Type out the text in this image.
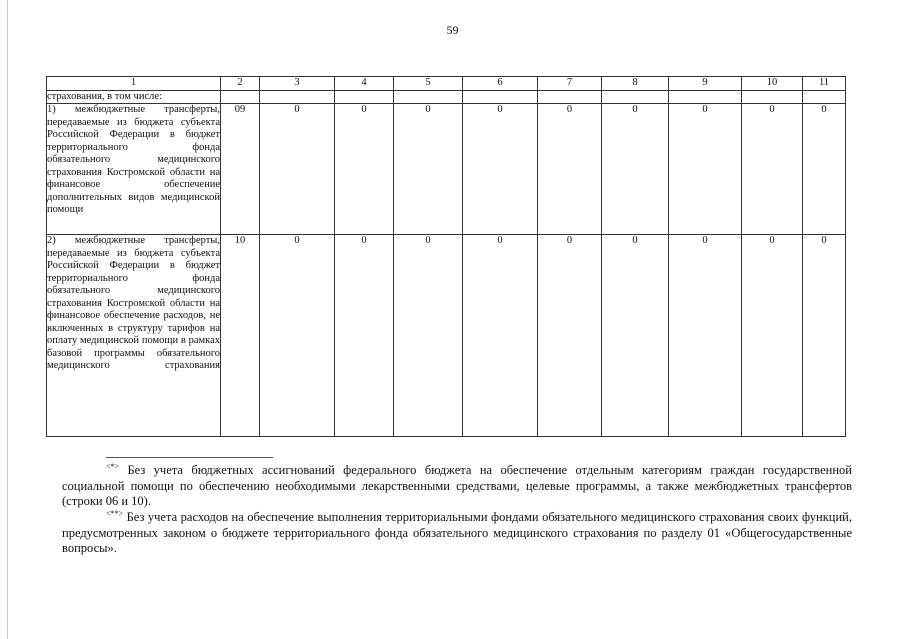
59
1	2	3	4	5	6	7	8	9	10	11
страхования, в том числе:										
1) межбюджетные трансферты, передаваемые из бюджета субъекта Российской Федерации в бюджет территориального фонда обязательного медицинского страхования Костромской области на финансовое обеспечение дополнительных видов медицинской помощи	09	0	0	0	0	0	0	0	0	0
2) межбюджетные трансферты, передаваемые из бюджета субъекта Российской Федерации в бюджет территориального фонда обязательного медицинского страхования Костромской области на финансовое обеспечение расходов, не включенных в структуру тарифов на оплату медицинской помощи в рамках базовой программы обязательного медицинского страхования	10	0	0	0	0	0	0	0	0	0
<*> Без учета бюджетных ассигнований федерального бюджета на обеспечение отдельным категориям граждан государственной социальной помощи по обеспечению необходимыми лекарственными средствами, целевые программы, а также межбюджетных трансфертов (строки 06 и 10).
<**> Без учета расходов на обеспечение выполнения территориальными фондами обязательного медицинского страхования своих функций, предусмотренных законом о бюджете территориального фонда обязательного медицинского страхования по разделу 01 «Общегосударственные вопросы».
